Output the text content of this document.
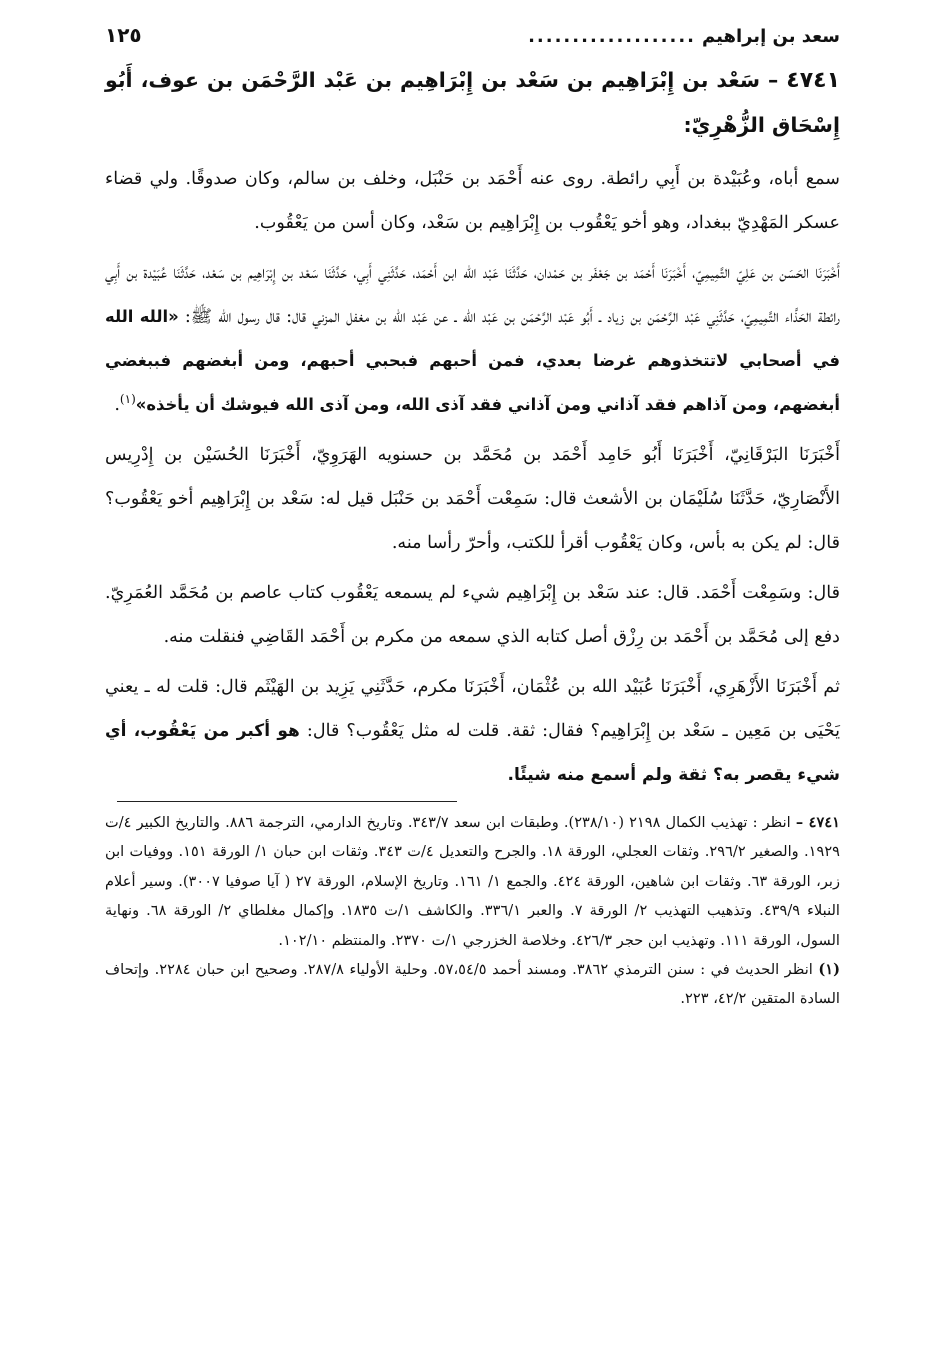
سعد بن إبراهيم
...................
١٢٥
٤٧٤١ – سَعْد بن إِبْرَاهِيم بن سَعْد بن إِبْرَاهِيم بن عَبْد الرَّحْمَن بن عوف، أَبُو إِسْحَاق الزُّهْرِيّ:

سمع أباه، وعُبَيْدة بن أَبِي رائطة. روى عنه أَحْمَد بن حَنْبَل، وخلف بن سالم، وكان صدوقًا. ولي قضاء عسكر المَهْدِيّ ببغداد، وهو أخو يَعْقُوب بن إِبْرَاهِيم بن سَعْد، وكان أسن من يَعْقُوب.

أَخْبَرَنَا الحَسَن بن عَلِيّ التَّمِيمِيّ، أَخْبَرَنَا أَحْمَد بن جَعْفَر بن حَمْدان، حَدَّثَنَا عَبْد الله ابن أَحْمَد، حَدَّثَنِي أَبِي، حَدَّثَنَا سَعْد بن إِبْرَاهِيم بن سَعْد، حَدَّثَنَا عُبَيْدة بن أَبِي رائطة الحَذَّاء التَّمِيمِيّ، حَدَّثَنِي عَبْد الرَّحْمَن بن زياد ـ أَبُو عَبْد الرَّحْمَن بن عَبْد الله ـ عن عَبْد الله بن مغفل المزني قال: قال رسول الله ﷺ: «الله الله في أصحابي لاتتخذوهم غرضا بعدي، فمن أحبهم فبحبي أحبهم، ومن أبغضهم فببغضي أبغضهم، ومن آذاهم فقد آذاني ومن آذاني فقد آذى الله، ومن آذى الله فيوشك أن يأخذه»$^{(١)}$.

أَخْبَرَنَا البَرْقَانِيّ، أَخْبَرَنَا أَبُو حَامِد أَحْمَد بن مُحَمَّد بن حسنويه الهَرَوِيّ، أَخْبَرَنَا الحُسَيْن بن إِدْرِيس الأَنْصَارِيّ، حَدَّثَنَا سُلَيْمَان بن الأشعث قال: سَمِعْت أَحْمَد بن حَنْبَل قيل له: سَعْد بن إِبْرَاهِيم أخو يَعْقُوب؟ قال: لم يكن به بأس، وكان يَعْقُوب أقرأ للكتب، وأحرّ رأسا منه.

قال: وسَمِعْت أَحْمَد. قال: عند سَعْد بن إِبْرَاهِيم شيء لم يسمعه يَعْقُوب كتاب عاصم بن مُحَمَّد العُمَرِيّ. دفع إلى مُحَمَّد بن أَحْمَد بن رِزْق أصل كتابه الذي سمعه من مكرم بن أَحْمَد القَاضِي فنقلت منه.

ثم أَخْبَرَنَا الأَزْهَرِي، أَخْبَرَنَا عُبَيْد الله بن عُثْمَان، أَخْبَرَنَا مكرم، حَدَّثَنِي يَزِيد بن الهَيْثَم قال: قلت له ـ يعني يَحْيَى بن مَعِين ـ سَعْد بن إِبْرَاهِيم؟ فقال: ثقة. قلت له مثل يَعْقُوب؟ قال: هو أكبر من يَعْقُوب، أي شيء يقصر به؟ ثقة ولم أسمع منه شيئًا.

٤٧٤١ – انظر : تهذيب الكمال ٢١٩٨ (٢٣٨/١٠). وطبقات ابن سعد ٣٤٣/٧. وتاريخ الدارمي، الترجمة ٨٨٦. والتاريخ الكبير ٤/ت ١٩٢٩. والصغير ٢٩٦/٢. وثقات العجلي، الورقة ١٨. والجرح والتعديل ٤/ت ٣٤٣. وثقات ابن حبان ١/ الورقة ١٥١. ووفيات ابن زبر، الورقة ٦٣. وثقات ابن شاهين، الورقة ٤٢٤. والجمع ١/ ١٦١. وتاريخ الإسلام، الورقة ٢٧ ( آيا صوفيا ٣٠٠٧). وسير أعلام النبلاء ٤٣٩/٩. وتذهيب التهذيب ٢/ الورقة ٧. والعبر ٣٣٦/١. والكاشف ١/ت ١٨٣٥. وإكمال مغلطاي ٢/ الورقة ٦٨. ونهاية السول، الورقة ١١١. وتهذيب ابن حجر ٤٢٦/٣. وخلاصة الخزرجي ١/ت ٢٣٧٠. والمنتظم ١٠٢/١٠.

(١) انظر الحديث في : سنن الترمذي ٣٨٦٢. ومسند أحمد ٥٧،٥٤/٥. وحلية الأولياء ٢٨٧/٨. وصحيح ابن حبان ٢٢٨٤. وإتحاف السادة المتقين ٤٢/٢، ٢٢٣.
